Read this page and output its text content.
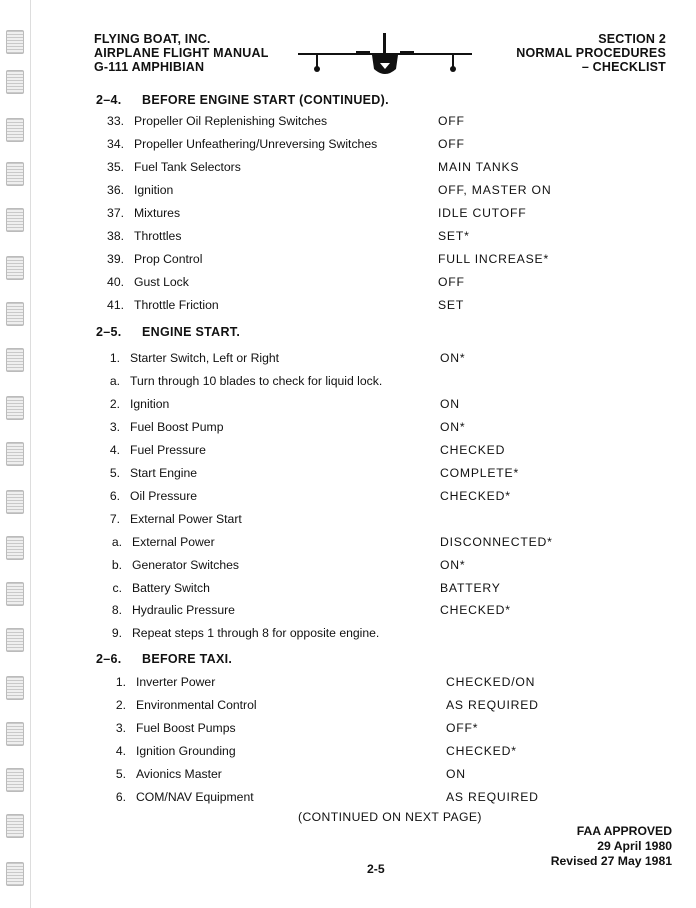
FLYING BOAT, INC.
AIRPLANE FLIGHT MANUAL
G-111 AMPHIBIAN
SECTION 2
NORMAL PROCEDURES
– CHECKLIST
2–4. BEFORE ENGINE START (CONTINUED).
33. Propeller Oil Replenishing Switches	OFF
34. Propeller Unfeathering/Unreversing Switches	OFF
35. Fuel Tank Selectors	MAIN TANKS
36. Ignition	OFF, MASTER ON
37. Mixtures	IDLE CUTOFF
38. Throttles	SET*
39. Prop Control	FULL INCREASE*
40. Gust Lock	OFF
41. Throttle Friction	SET
2–5. ENGINE START.
1. Starter Switch, Left or Right	ON*
a. Turn through 10 blades to check for liquid lock.
2. Ignition	ON
3. Fuel Boost Pump	ON*
4. Fuel Pressure	CHECKED
5. Start Engine	COMPLETE*
6. Oil Pressure	CHECKED*
7. External Power Start
a. External Power	DISCONNECTED*
b. Generator Switches	ON*
c. Battery Switch	BATTERY
8. Hydraulic Pressure	CHECKED*
9. Repeat steps 1 through 8 for opposite engine.
2–6. BEFORE TAXI.
1. Inverter Power	CHECKED/ON
2. Environmental Control	AS REQUIRED
3. Fuel Boost Pumps	OFF*
4. Ignition Grounding	CHECKED*
5. Avionics Master	ON
6. COM/NAV Equipment	AS REQUIRED
(CONTINUED ON NEXT PAGE)
FAA APPROVED
29 April 1980
Revised 27 May 1981
2-5
